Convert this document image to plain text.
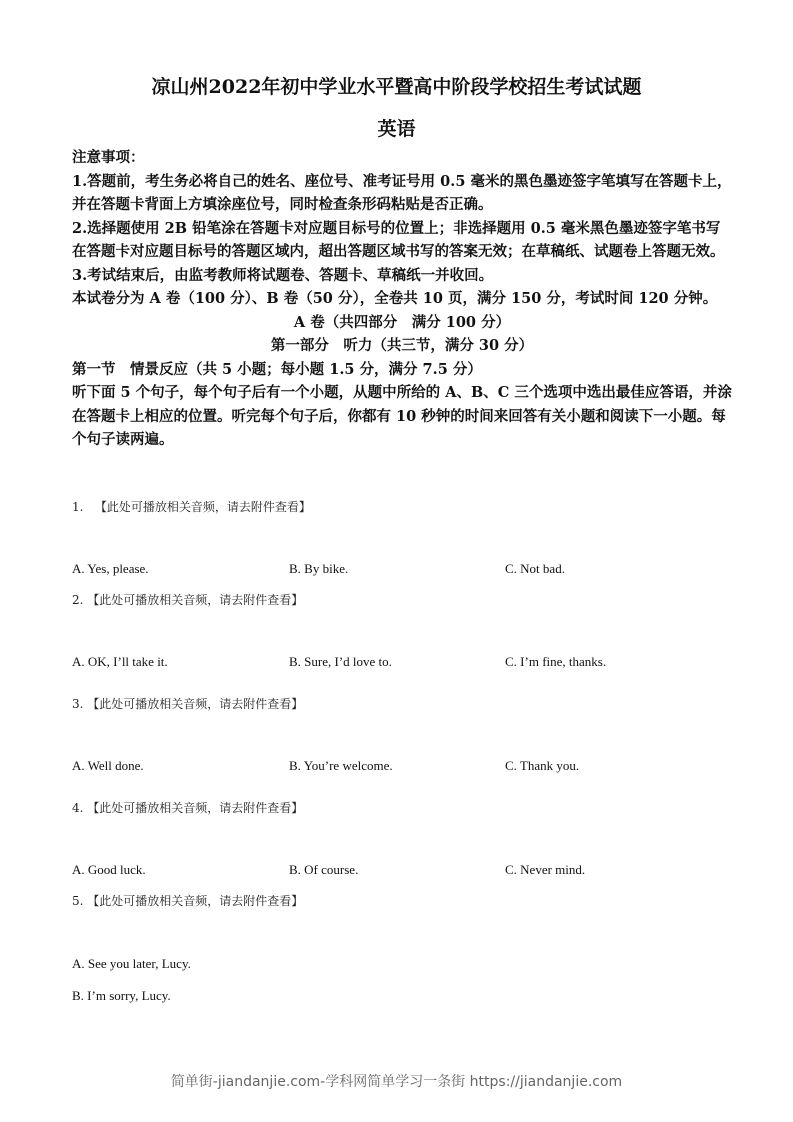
凉山州2022年初中学业水平暨高中阶段学校招生考试试题
英语

注意事项：

1.答题前，考生务必将自己的姓名、座位号、准考证号用 0.5 毫米的黑色墨迹签字笔填写在答题卡上，并在答题卡背面上方填涂座位号，同时检查条形码粘贴是否正确。

2.选择题使用 2B 铅笔涂在答题卡对应题目标号的位置上；非选择题用 0.5 毫米黑色墨迹签字笔书写在答题卡对应题目标号的答题区域内，超出答题区域书写的答案无效；在草稿纸、试题卷上答题无效。

3.考试结束后，由监考教师将试题卷、答题卡、草稿纸一并收回。

本试卷分为 A 卷（100 分）、B 卷（50 分），全卷共 10 页，满分 150 分，考试时间 120 分钟。

A 卷（共四部分　满分 100 分）

第一部分　听力（共三节，满分 30 分）

第一节　情景反应（共 5 小题；每小题 1.5 分，满分 7.5 分）

听下面 5 个句子，每个句子后有一个小题，从题中所给的 A、B、C 三个选项中选出最佳应答语，并涂在答题卡上相应的位置。听完每个句子后，你都有 10 秒钟的时间来回答有关小题和阅读下一小题。每个句子读两遍。

1. 【此处可播放相关音频，请去附件查看】
A. Yes, please.	B. By bike.	C. Not bad.
2. 【此处可播放相关音频，请去附件查看】
A. OK, I’ll take it.	B. Sure, I’d love to.	C. I’m fine, thanks.
3. 【此处可播放相关音频，请去附件查看】
A. Well done.	B. You’re welcome.	C. Thank you.
4. 【此处可播放相关音频，请去附件查看】
A. Good luck.	B. Of course.	C. Never mind.
5. 【此处可播放相关音频，请去附件查看】
A. See you later, Lucy.
B. I’m sorry, Lucy.
简单街-jiandanjie.com-学科网简单学习一条街 https://jiandanjie.com
